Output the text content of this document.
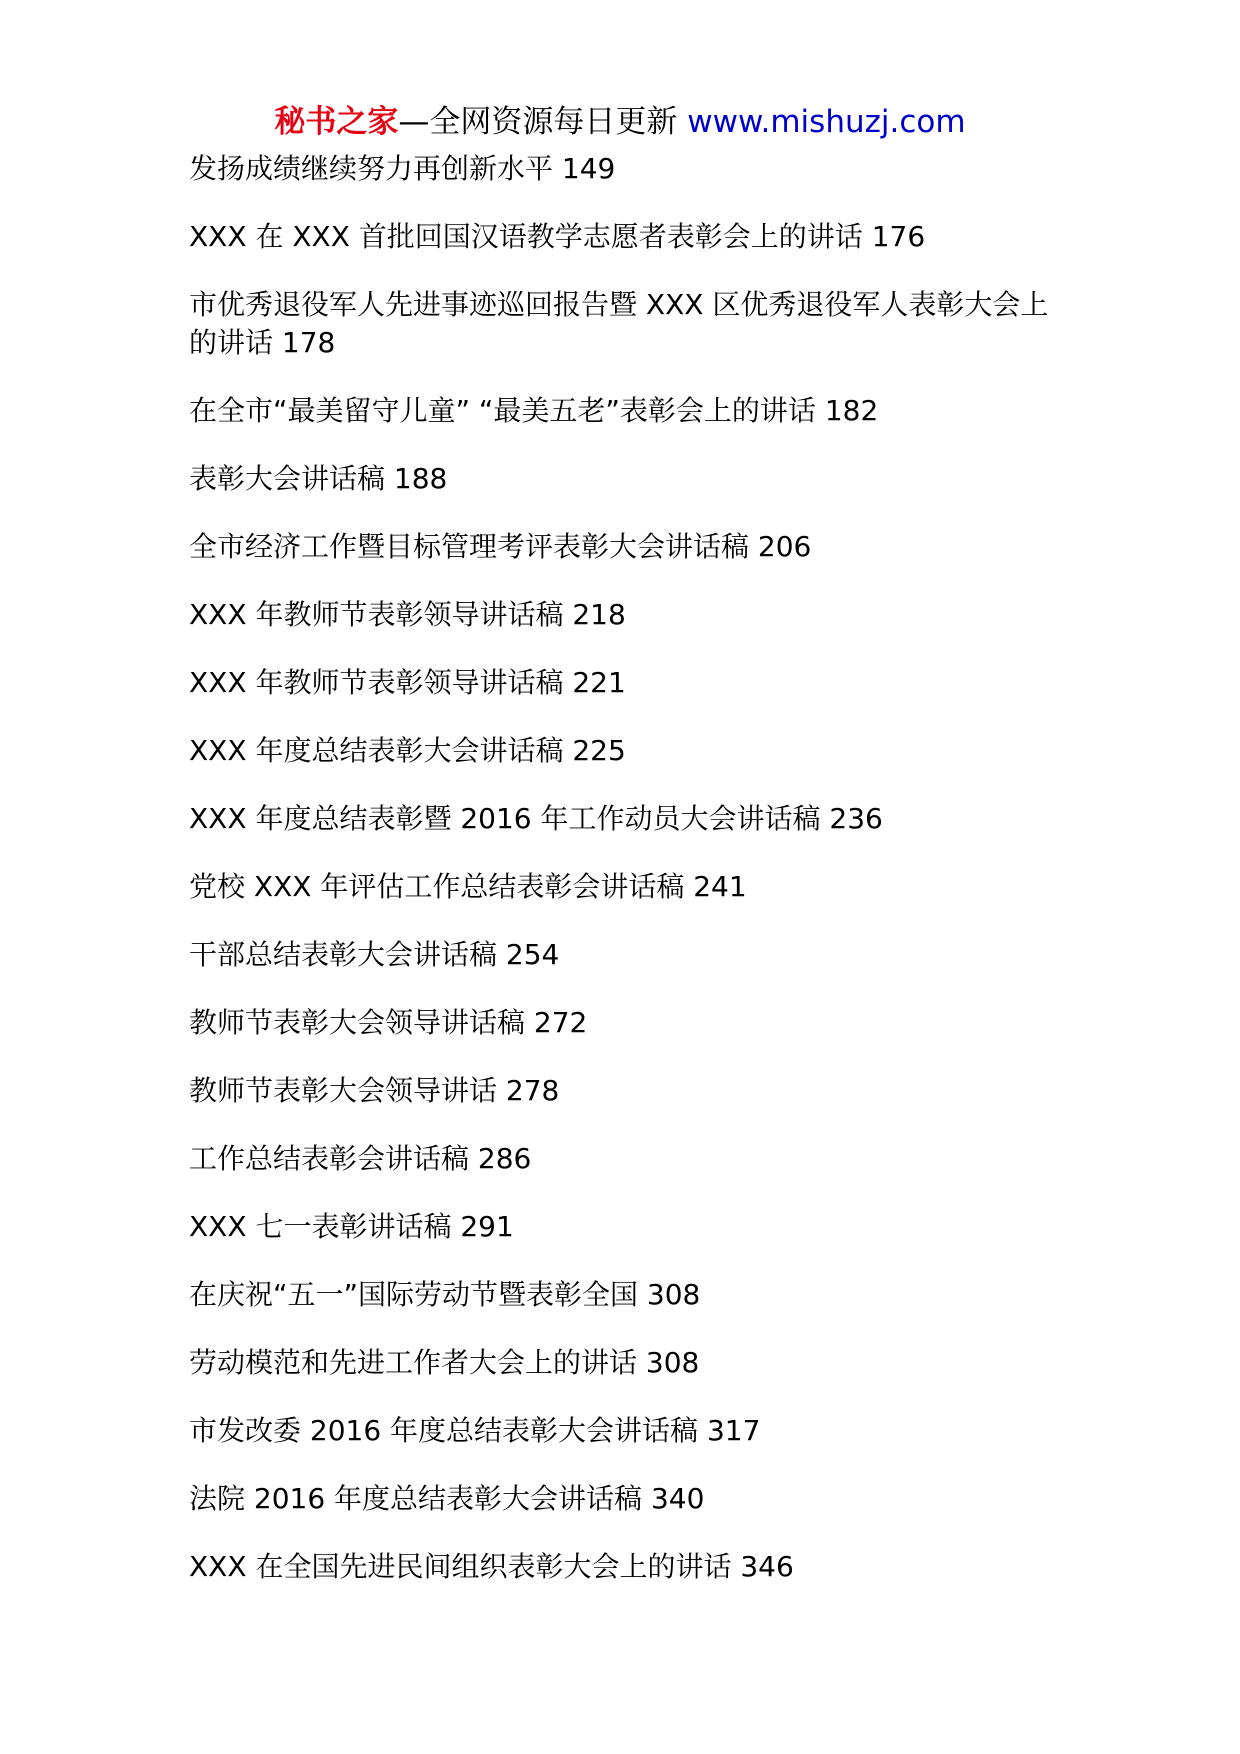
秘书之家—全网资源每日更新 www.mishuzj.com
发扬成绩继续努力再创新水平 149
XXX 在 XXX 首批回国汉语教学志愿者表彰会上的讲话 176
市优秀退役军人先进事迹巡回报告暨 XXX 区优秀退役军人表彰大会上的讲话 178
在全市“最美留守儿童” “最美五老”表彰会上的讲话 182
表彰大会讲话稿 188
全市经济工作暨目标管理考评表彰大会讲话稿 206
XXX 年教师节表彰领导讲话稿 218
XXX 年教师节表彰领导讲话稿 221
XXX 年度总结表彰大会讲话稿 225
XXX 年度总结表彰暨 2016 年工作动员大会讲话稿 236
党校 XXX 年评估工作总结表彰会讲话稿 241
干部总结表彰大会讲话稿 254
教师节表彰大会领导讲话稿 272
教师节表彰大会领导讲话 278
工作总结表彰会讲话稿 286
XXX 七一表彰讲话稿 291
在庆祝“五一”国际劳动节暨表彰全国 308
劳动模范和先进工作者大会上的讲话 308
市发改委 2016 年度总结表彰大会讲话稿 317
法院 2016 年度总结表彰大会讲话稿 340
XXX 在全国先进民间组织表彰大会上的讲话 346
